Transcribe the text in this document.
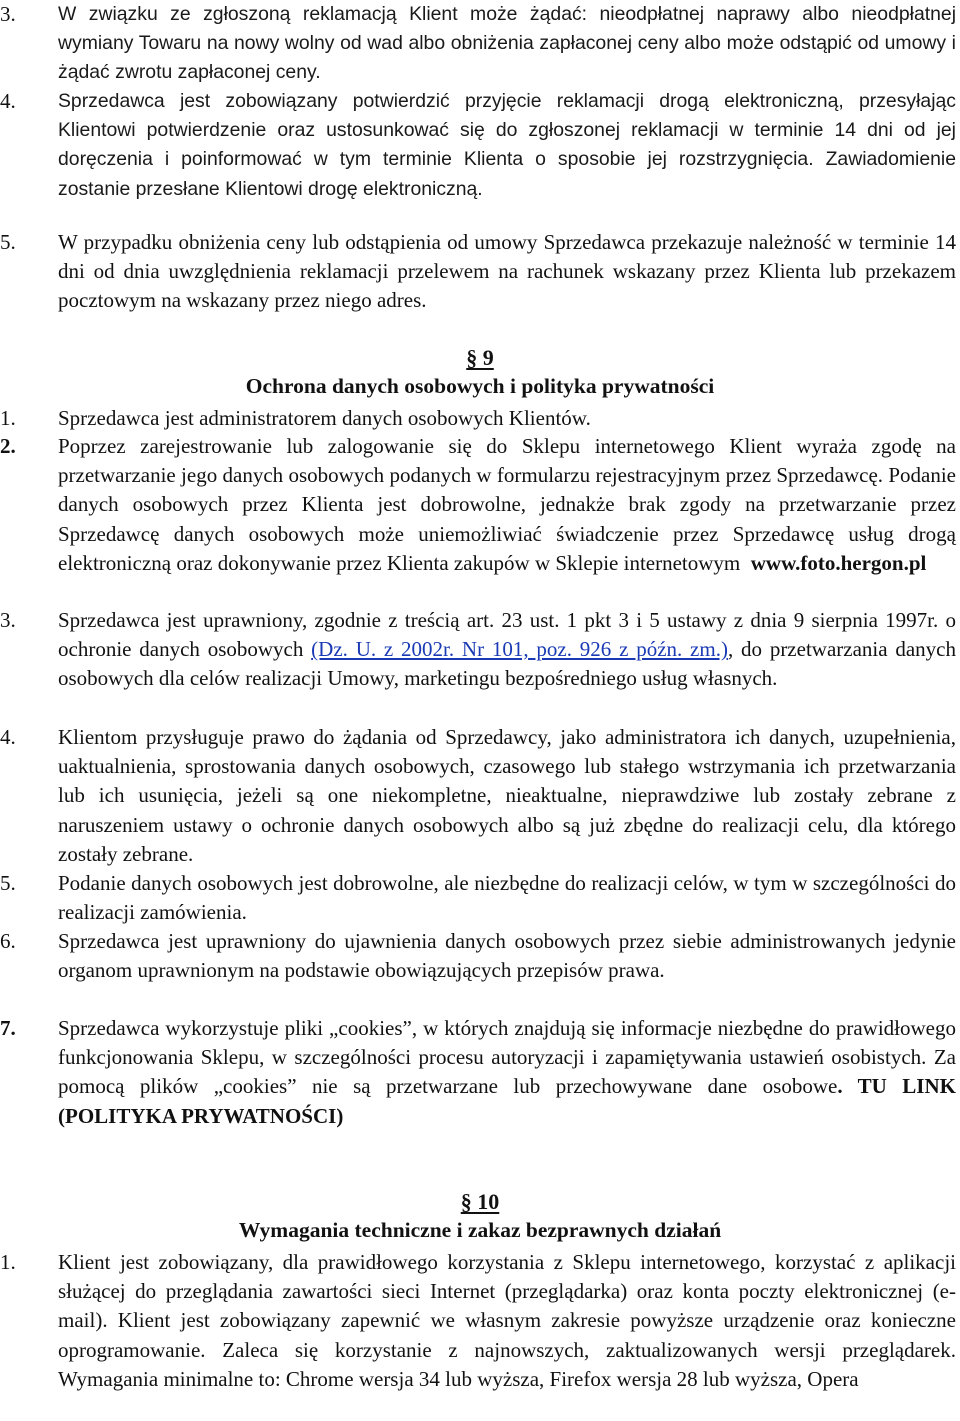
3.	W związku ze zgłoszoną reklamacją Klient może żądać: nieodpłatnej naprawy albo nieodpłatnej wymiany Towaru na nowy wolny od wad albo obniżenia zapłaconej ceny albo może odstąpić od umowy i żądać zwrotu zapłaconej ceny.
4.	Sprzedawca jest zobowiązany potwierdzić przyjęcie reklamacji drogą elektroniczną, przesyłając Klientowi potwierdzenie oraz ustosunkować się do zgłoszonej reklamacji w terminie 14 dni od jej doręczenia i poinformować w tym terminie Klienta o sposobie jej rozstrzygnięcia. Zawiadomienie zostanie przesłane Klientowi drogę elektroniczną.
5.	W przypadku obniżenia ceny lub odstąpienia od umowy Sprzedawca przekazuje należność w terminie 14 dni od dnia uwzględnienia reklamacji przelewem na rachunek wskazany przez Klienta lub przekazem pocztowym na wskazany przez niego adres.
§ 9
Ochrona danych osobowych i polityka prywatności
1.	Sprzedawca jest administratorem danych osobowych Klientów.
2.	Poprzez zarejestrowanie lub zalogowanie się do Sklepu internetowego Klient wyraża zgodę na przetwarzanie jego danych osobowych podanych w formularzu rejestracyjnym przez Sprzedawcę. Podanie danych osobowych przez Klienta jest dobrowolne, jednakże brak zgody na przetwarzanie przez Sprzedawcę danych osobowych może uniemożliwiać świadczenie przez Sprzedawcę usług drogą elektroniczną oraz dokonywanie przez Klienta zakupów w Sklepie internetowym www.foto.hergon.pl
3.	Sprzedawca jest uprawniony, zgodnie z treścią art. 23 ust. 1 pkt 3 i 5 ustawy z dnia 9 sierpnia 1997r. o ochronie danych osobowych (Dz. U. z 2002r. Nr 101, poz. 926 z późn. zm.), do przetwarzania danych osobowych dla celów realizacji Umowy, marketingu bezpośredniego usług własnych.
4.	Klientom przysługuje prawo do żądania od Sprzedawcy, jako administratora ich danych, uzupełnienia, uaktualnienia, sprostowania danych osobowych, czasowego lub stałego wstrzymania ich przetwarzania lub ich usunięcia, jeżeli są one niekompletne, nieaktualne, nieprawdziwe lub zostały zebrane z naruszeniem ustawy o ochronie danych osobowych albo są już zbędne do realizacji celu, dla którego zostały zebrane.
5.	Podanie danych osobowych jest dobrowolne, ale niezbędne do realizacji celów, w tym w szczególności do realizacji zamówienia.
6.	Sprzedawca jest uprawniony do ujawnienia danych osobowych przez siebie administrowanych jedynie organom uprawnionym na podstawie obowiązujących przepisów prawa.
7.	Sprzedawca wykorzystuje pliki „cookies”, w których znajdują się informacje niezbędne do prawidłowego funkcjonowania Sklepu, w szczególności procesu autoryzacji i zapamiętywania ustawień osobistych. Za pomocą plików „cookies” nie są przetwarzane lub przechowywane dane osobowe. TU LINK (POLITYKA PRYWATNOŚCI)
§ 10
Wymagania techniczne i zakaz bezprawnych działań
1.	Klient jest zobowiązany, dla prawidłowego korzystania z Sklepu internetowego, korzystać z aplikacji służącej do przeglądania zawartości sieci Internet (przeglądarka) oraz konta poczty elektronicznej (e-mail). Klient jest zobowiązany zapewnić we własnym zakresie powyższe urządzenie oraz konieczne oprogramowanie. Zaleca się korzystanie z najnowszych, zaktualizowanych wersji przeglądarek. Wymagania minimalne to: Chrome wersja 34 lub wyższa, Firefox wersja 28 lub wyższa, Opera
